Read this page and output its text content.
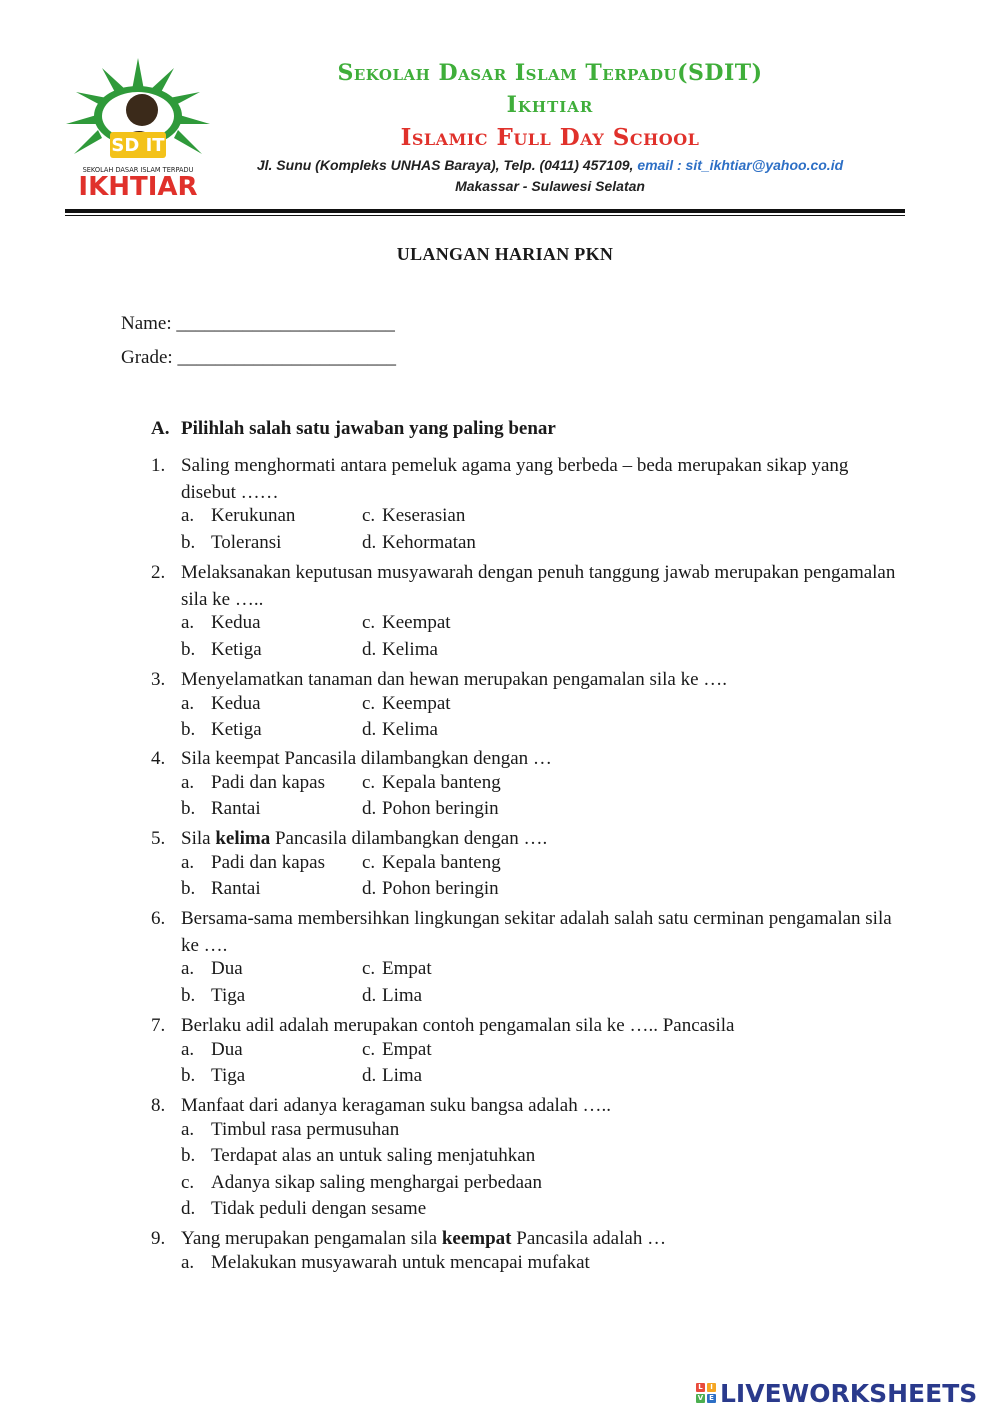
SD IT
SEKOLAH DASAR ISLAM TERPADU
IKHTIAR
Sekolah Dasar Islam Terpadu(SDIT)
Ikhtiar
Islamic Full Day School
Jl. Sunu (Kompleks UNHAS Baraya), Telp. (0411) 457109, email : sit_ikhtiar@yahoo.co.id
Makassar - Sulawesi Selatan
ULANGAN HARIAN PKN
Name: _______________________
Grade: _______________________
A. Pilihlah salah satu jawaban yang paling benar
1. Saling menghormati antara pemeluk agama yang berbeda – beda merupakan sikap yang disebut ……
a. Kerukunan	c. Keserasian
b. Toleransi	d. Kehormatan
2. Melaksanakan keputusan musyawarah dengan penuh tanggung jawab merupakan pengamalan sila ke …..
a. Kedua	c. Keempat
b. Ketiga	d. Kelima
3. Menyelamatkan tanaman dan hewan merupakan pengamalan sila ke ….
a. Kedua	c. Keempat
b. Ketiga	d. Kelima
4. Sila keempat Pancasila dilambangkan dengan …
a. Padi dan kapas c. Kepala banteng
b. Rantai	d. Pohon beringin
5. Sila kelima Pancasila dilambangkan dengan ….
a. Padi dan kapas c. Kepala banteng
b. Rantai	d. Pohon beringin
6. Bersama-sama membersihkan lingkungan sekitar adalah salah satu cerminan pengamalan sila ke ….
a. Dua	c. Empat
b. Tiga	d. Lima
7. Berlaku adil adalah merupakan contoh pengamalan sila ke ….. Pancasila
a. Dua	c. Empat
b. Tiga	d. Lima
8. Manfaat dari adanya keragaman suku bangsa adalah …..
a. Timbul rasa permusuhan
b. Terdapat alas an untuk saling menjatuhkan
c. Adanya sikap saling menghargai perbedaan
d. Tidak peduli dengan sesame
9. Yang merupakan pengamalan sila keempat Pancasila adalah …
a. Melakukan musyawarah untuk mencapai mufakat
L	I
V E LIVEWORKSHEETS
